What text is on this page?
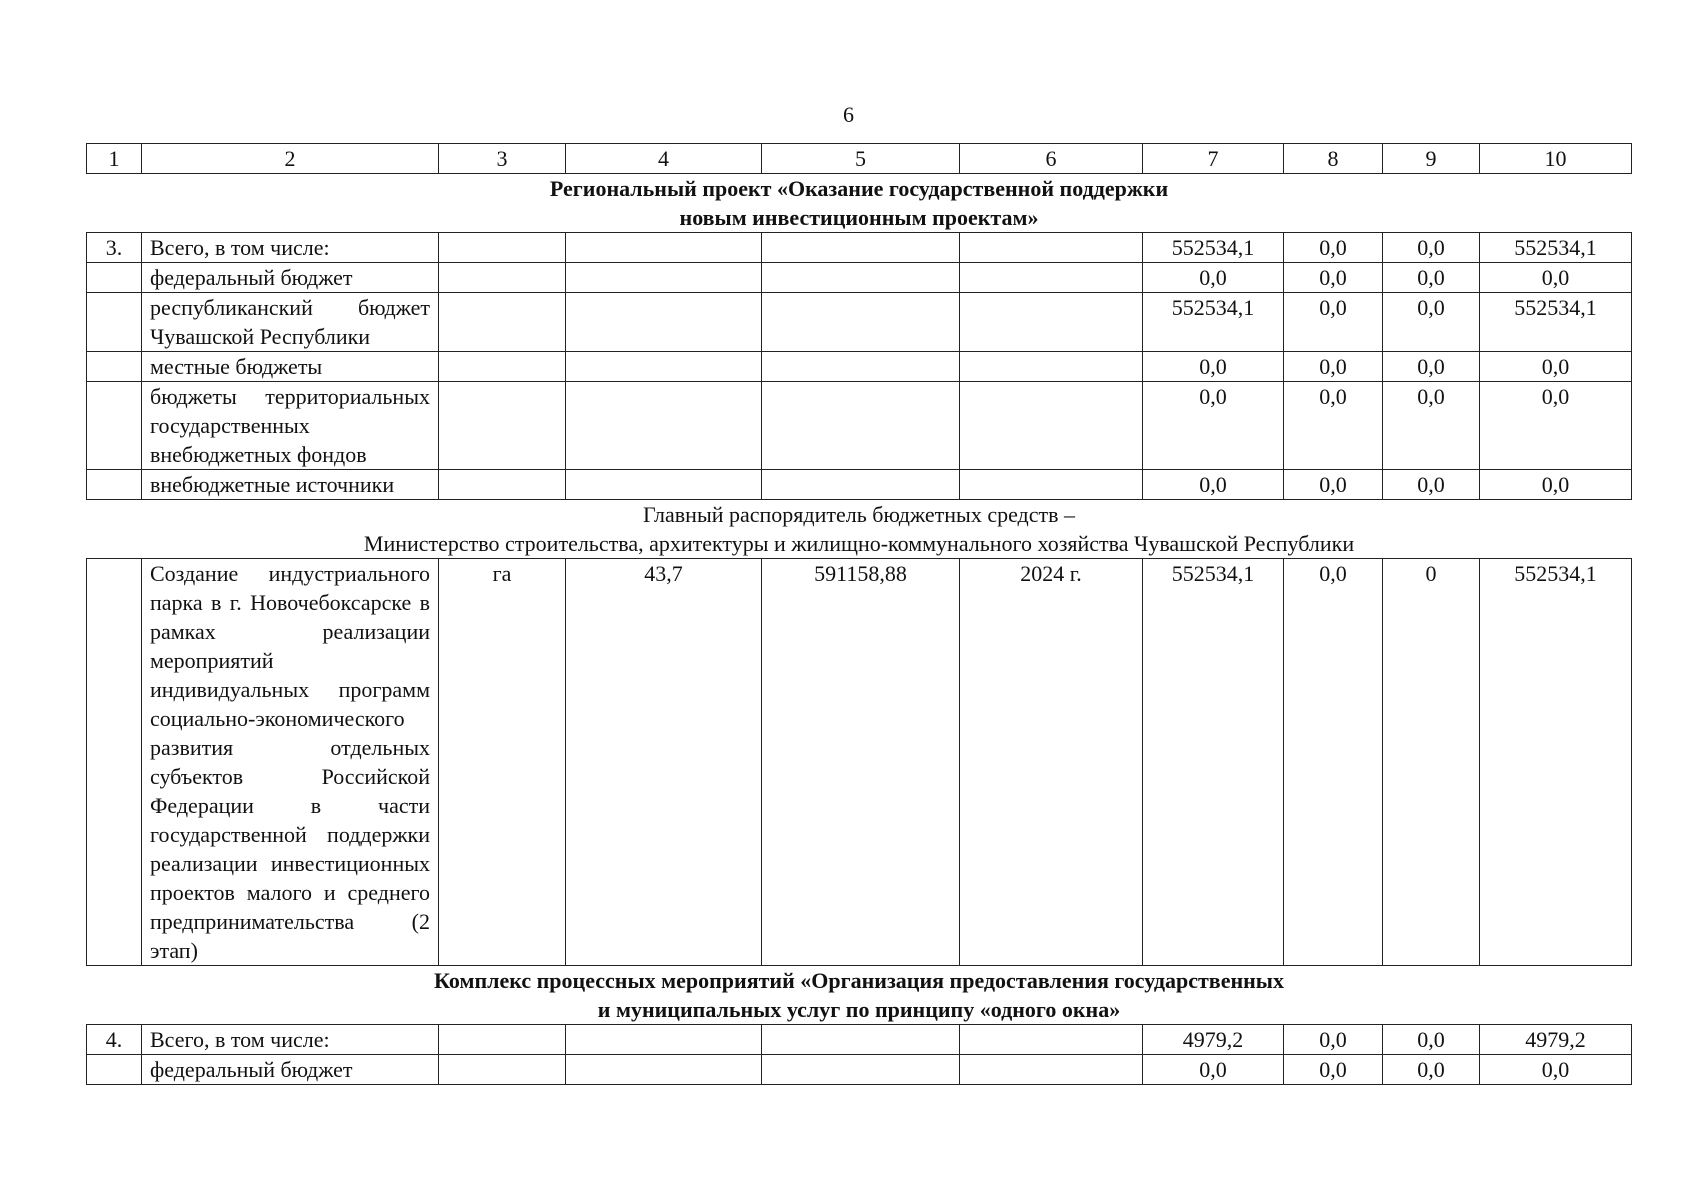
6
1	2	3	4	5	6	7	8	9	10

Региональный проект «Оказание государственной поддержки
новым инвестиционным проектам»									

3.	Всего, в том числе:					552534,1	0,0	0,0	552534,1
	федеральный бюджет					0,0	0,0	0,0	0,0
	республиканский бюджет Чувашской Республики					552534,1	0,0	0,0	552534,1
	местные бюджеты					0,0	0,0	0,0	0,0
	бюджеты территориальных государственных внебюджетных фондов					0,0	0,0	0,0	0,0
	внебюджетные источники					0,0	0,0	0,0	0,0

Главный распорядитель бюджетных средств –
Министерство строительства, архитектуры и жилищно-коммунального хозяйства Чувашской Республики									

	Создание индустриального парка в г. Новочебоксарске в рамках реализации мероприятий индивидуальных программ социально-экономического развития отдельных субъектов Российской Федерации в части государственной поддержки реализации инвестиционных проектов малого и среднего предпринимательства (2 этап)	га	43,7	591158,88	2024 г.	552534,1	0,0	0	552534,1

Комплекс процессных мероприятий «Организация предоставления государственных
и муниципальных услуг по принципу «одного окна»									

4.	Всего, в том числе:					4979,2	0,0	0,0	4979,2
	федеральный бюджет					0,0	0,0	0,0	0,0
